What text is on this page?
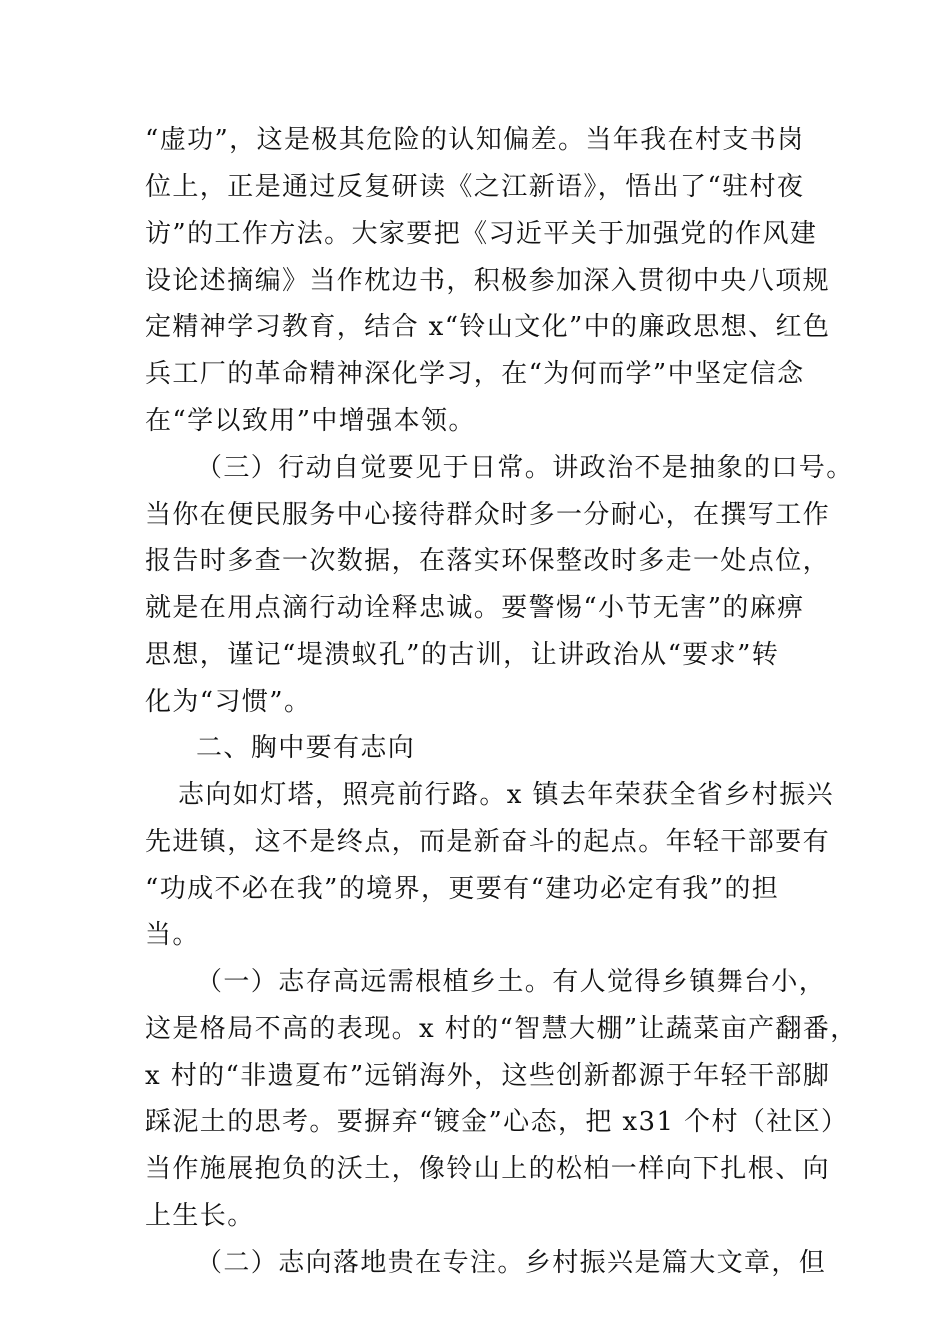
“虚功”，这是极其危险的认知偏差。当年我在村支书岗
位上，正是通过反复研读《之江新语》，悟出了“驻村夜
访”的工作方法。大家要把《习近平关于加强党的作风建
设论述摘编》当作枕边书，积极参加深入贯彻中央八项规
定精神学习教育，结合 x“铃山文化”中的廉政思想、红色
兵工厂的革命精神深化学习，在“为何而学”中坚定信念
在“学以致用”中增强本领。
（三）行动自觉要见于日常。讲政治不是抽象的口号。
当你在便民服务中心接待群众时多一分耐心，在撰写工作
报告时多查一次数据，在落实环保整改时多走一处点位，
就是在用点滴行动诠释忠诚。要警惕“小节无害”的麻痹
思想，谨记“堤溃蚁孔”的古训，让讲政治从“要求”转
化为“习惯”。
二、胸中要有志向
志向如灯塔，照亮前行路。x 镇去年荣获全省乡村振兴
先进镇，这不是终点，而是新奋斗的起点。年轻干部要有
“功成不必在我”的境界，更要有“建功必定有我”的担
当。
（一）志存高远需根植乡土。有人觉得乡镇舞台小，
这是格局不高的表现。x 村的“智慧大棚”让蔬菜亩产翻番，
x 村的“非遗夏布”远销海外，这些创新都源于年轻干部脚
踩泥土的思考。要摒弃“镀金”心态，把 x31 个村（社区）
当作施展抱负的沃土，像铃山上的松柏一样向下扎根、向
上生长。
（二）志向落地贵在专注。乡村振兴是篇大文章，但
